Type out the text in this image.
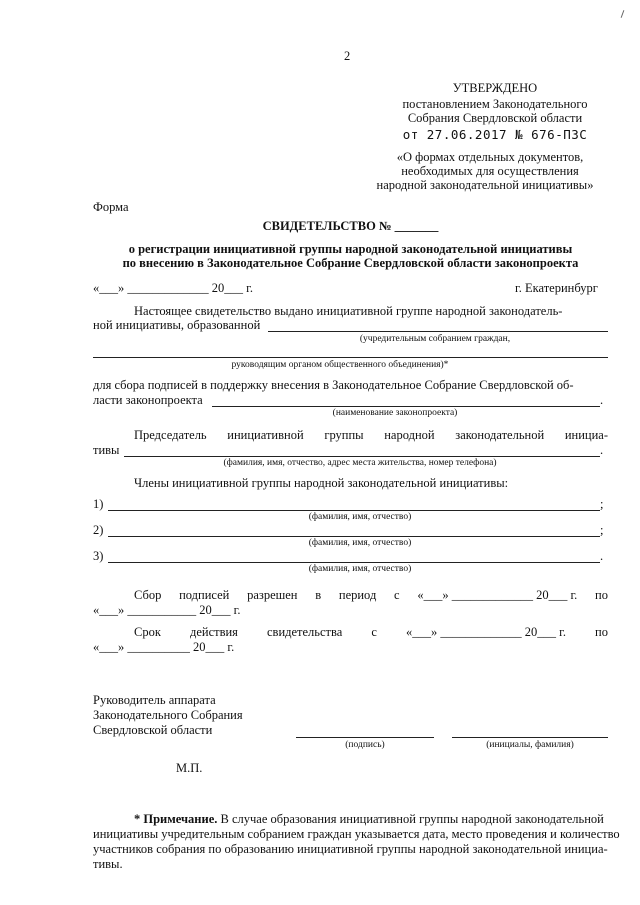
2
УТВЕРЖДЕНО
постановлением Законодательного
Собрания Свердловской области
от 27.06.2017 № 676-ПЗС
«О формах отдельных документов,
необходимых для осуществления
народной законодательной инициативы»
Форма
СВИДЕТЕЛЬСТВО № _______
о регистрации инициативной группы народной законодательной инициативы
по внесению в Законодательное Собрание Свердловской области законопроекта
«___» _____________ 20___ г.	г. Екатеринбург
Настоящее свидетельство выдано инициативной группе народной законодатель-
ной инициативы, образованной
(учредительным собранием граждан,
руководящим органом общественного объединения)*
для сбора подписей в поддержку внесения в Законодательное Собрание Свердловской об-
ласти законопроекта	.
(наименование законопроекта)
Председатель инициативной группы народной законодательной инициа-
тивы	.
(фамилия, имя, отчество, адрес места жительства, номер телефона)
Члены инициативной группы народной законодательной инициативы:
1)	;
(фамилия, имя, отчество)
2)	;
(фамилия, имя, отчество)
3)	.
(фамилия, имя, отчество)
Сбор подписей разрешен в период с «___» _____________ 20___ г. по
«___» ___________ 20___ г.
Срок действия свидетельства с «___» _____________ 20___ г. по
«___» __________ 20___ г.
Руководитель аппарата
Законодательного Собрания
Свердловской области
(подпись)	(инициалы, фамилия)
М.П.
* Примечание. В случае образования инициативной группы народной законодательной
инициативы учредительным собранием граждан указывается дата, место проведения и количество
участников собрания по образованию инициативной группы народной законодательной инициа-
тивы.
